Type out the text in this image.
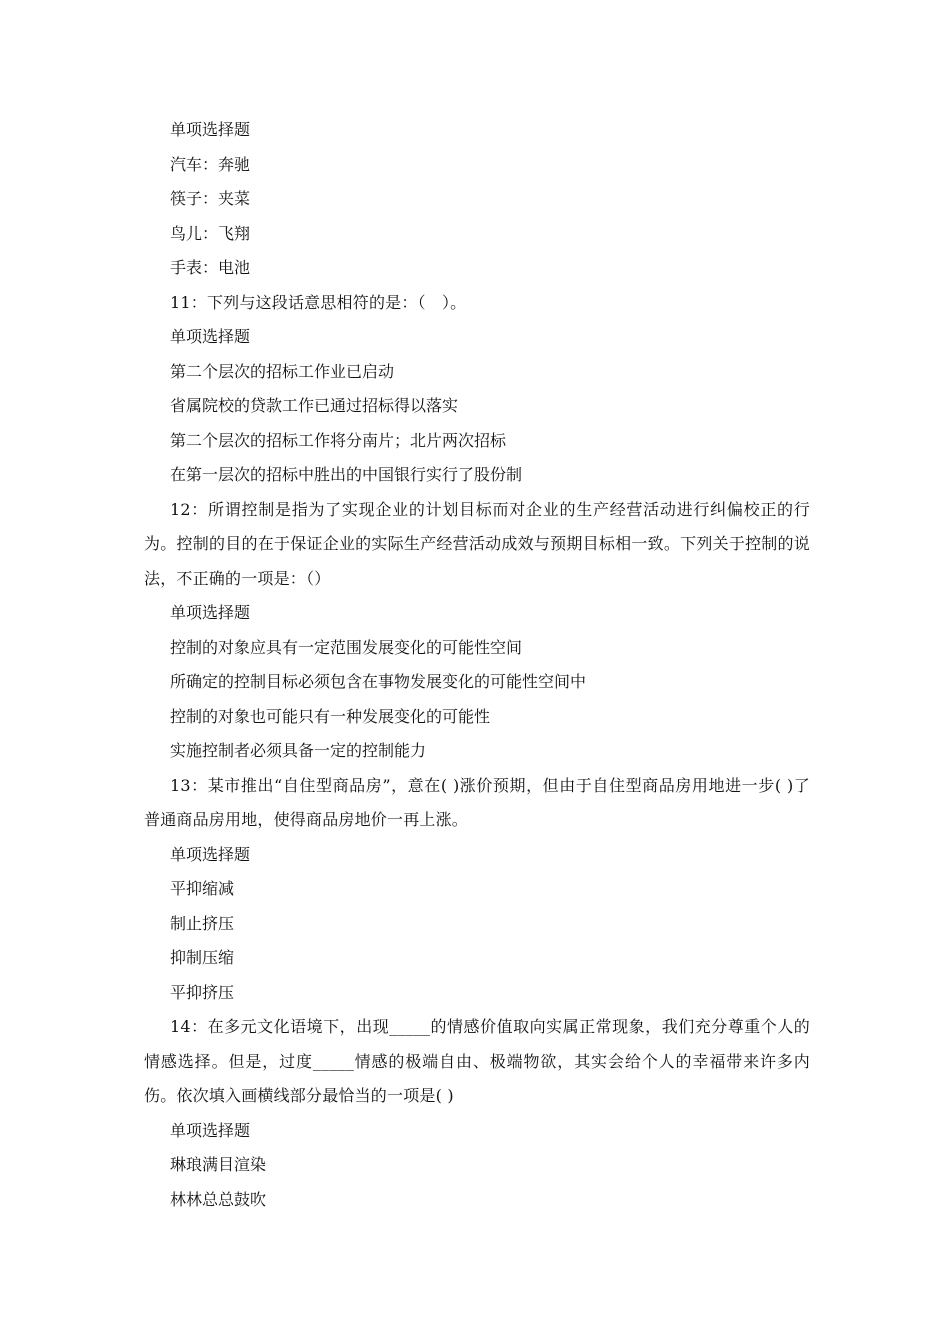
单项选择题
汽车：奔驰
筷子：夹菜
鸟儿：飞翔
手表：电池
11：下列与这段话意思相符的是：（　）。
单项选择题
第二个层次的招标工作业已启动
省属院校的贷款工作已通过招标得以落实
第二个层次的招标工作将分南片；北片两次招标
在第一层次的招标中胜出的中国银行实行了股份制
12：所谓控制是指为了实现企业的计划目标而对企业的生产经营活动进行纠偏校正的行为。控制的目的在于保证企业的实际生产经营活动成效与预期目标相一致。下列关于控制的说法，不正确的一项是：（）
单项选择题
控制的对象应具有一定范围发展变化的可能性空间
所确定的控制目标必须包含在事物发展变化的可能性空间中
控制的对象也可能只有一种发展变化的可能性
实施控制者必须具备一定的控制能力
13：某市推出“自住型商品房”，意在( )涨价预期，但由于自住型商品房用地进一步( )了普通商品房用地，使得商品房地价一再上涨。
单项选择题
平抑缩减
制止挤压
抑制压缩
平抑挤压
14：在多元文化语境下，出现_____的情感价值取向实属正常现象，我们充分尊重个人的情感选择。但是，过度_____情感的极端自由、极端物欲，其实会给个人的幸福带来许多内伤。依次填入画横线部分最恰当的一项是( )
单项选择题
琳琅满目渲染
林林总总鼓吹
